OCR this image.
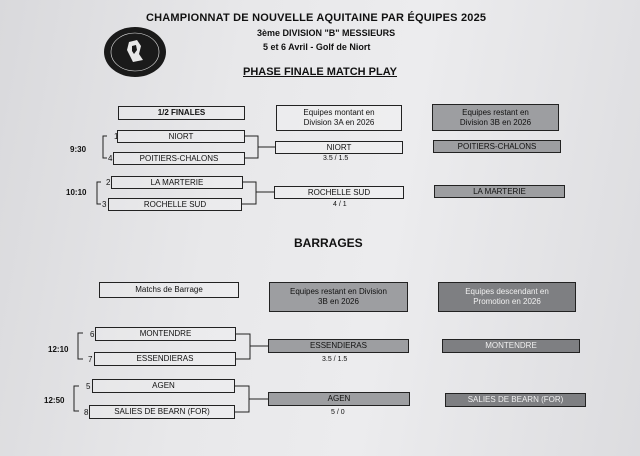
CHAMPIONNAT DE NOUVELLE AQUITAINE PAR ÉQUIPES 2025
3ème DIVISION "B" MESSIEURS
5 et 6 Avril - Golf de Niort
PHASE FINALE MATCH PLAY
1/2 FINALES	Equipes montant en Division 3A en 2026
Equipes restant en Division 3B en 2026
9:30
1	NIORT
4	POITIERS-CHALONS
NIORT
3.5 / 1.5
POITIERS-CHALONS
10:10
2	LA MARTERIE
3	ROCHELLE SUD
ROCHELLE SUD
4 / 1
LA MARTERIE
BARRAGES
Matchs de Barrage	Equipes restant en Division 3B en 2026
Equipes descendant en Promotion en 2026
12:10
6	MONTENDRE
7	ESSENDIERAS
ESSENDIERAS
3.5 / 1.5
MONTENDRE
12:50
5	AGEN
8	SALIES DE BEARN (FOR)
AGEN
5 / 0
SALIES DE BEARN (FOR)
